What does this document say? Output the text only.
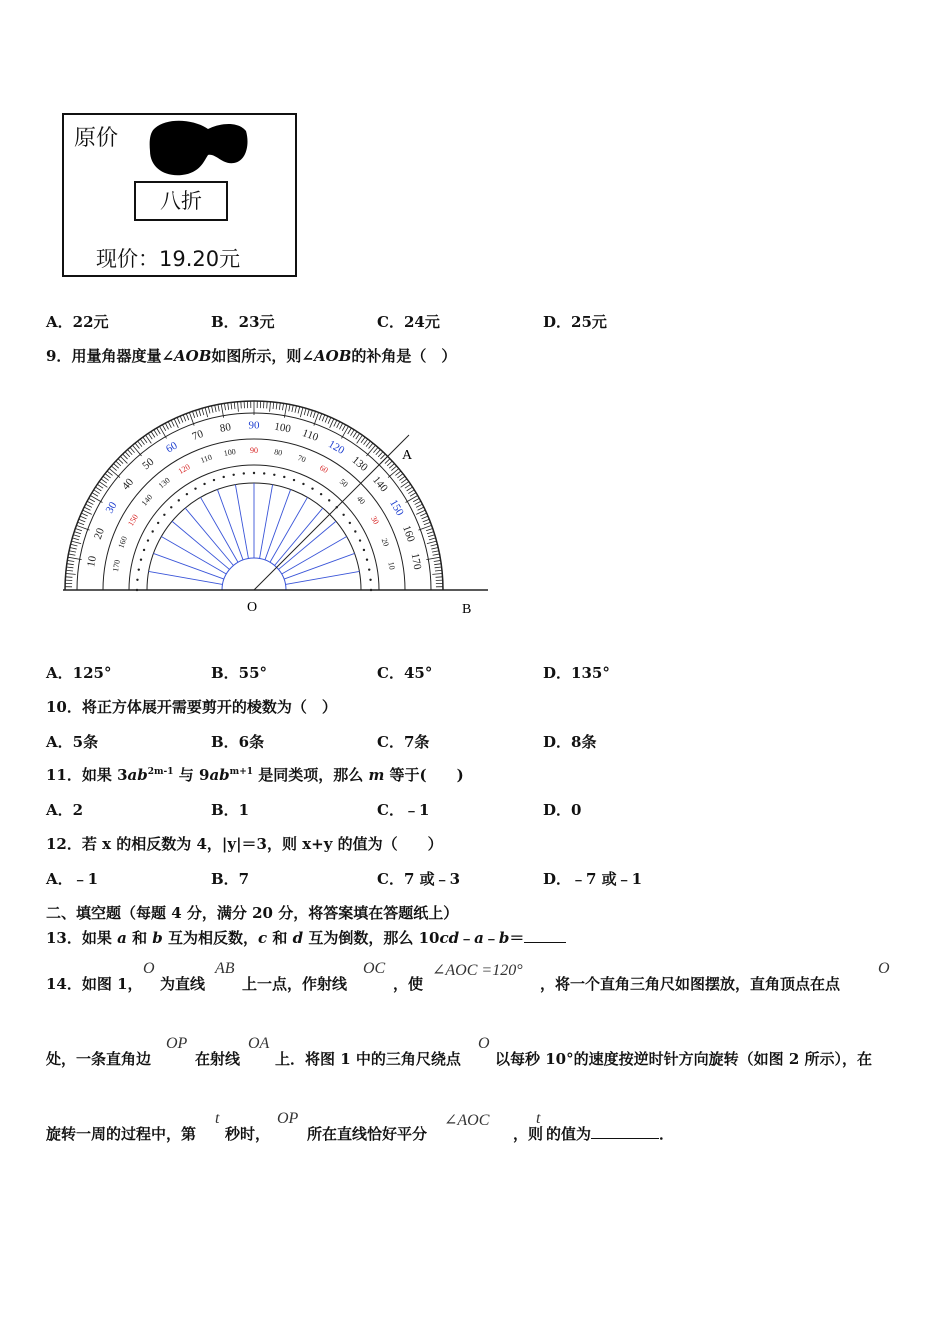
原价
八折
现价：19.20元
A．22元	B．23元	C．24元	D．25元
9．用量角器度量∠AOB如图所示，则∠AOB的补角是（　）
A
O	B
10
20
30
40
50
60
70 80 90 100 110
120
130
140
150
160
170
170
160
150
140
130
120
110
100 90 80
70
60
50
40
30
20
10
A．125°	B．55°	C．45°	D．135°
10．将正方体展开需要剪开的棱数为（　）
A．5条	B．6条	C．7条	D．8条
11．如果 $3ab^{2m-1}$ 与 $9ab^{m+1}$ 是同类项，那么 m 等于(　　)
A．2	B．1	C．﹣1	D．0
12．若 x 的相反数为 4，|y|＝3，则 x+y 的值为（　　）
A．﹣1	B．7	C．7 或﹣3	D．﹣7 或﹣1
二、填空题（每题 4 分，满分 20 分，将答案填在答题纸上）
13．如果 a 和 b 互为相反数，c 和 d 互为倒数，那么 10cd﹣a﹣b＝
14．如图 1，
O
为直线
AB
上一点，作射线
OC
，使
∠AOC =120°
，将一个直角三角尺如图摆放，直角顶点在点
O
处，一条直角边
OP
在射线
OA
上．将图 1 中的三角尺绕点
O
以每秒 10°的速度按逆时针方向旋转（如图 2 所示），在
旋转一周的过程中，第
t
秒时，
OP
所在直线恰好平分
∠AOC
，则
t
的值为	．
